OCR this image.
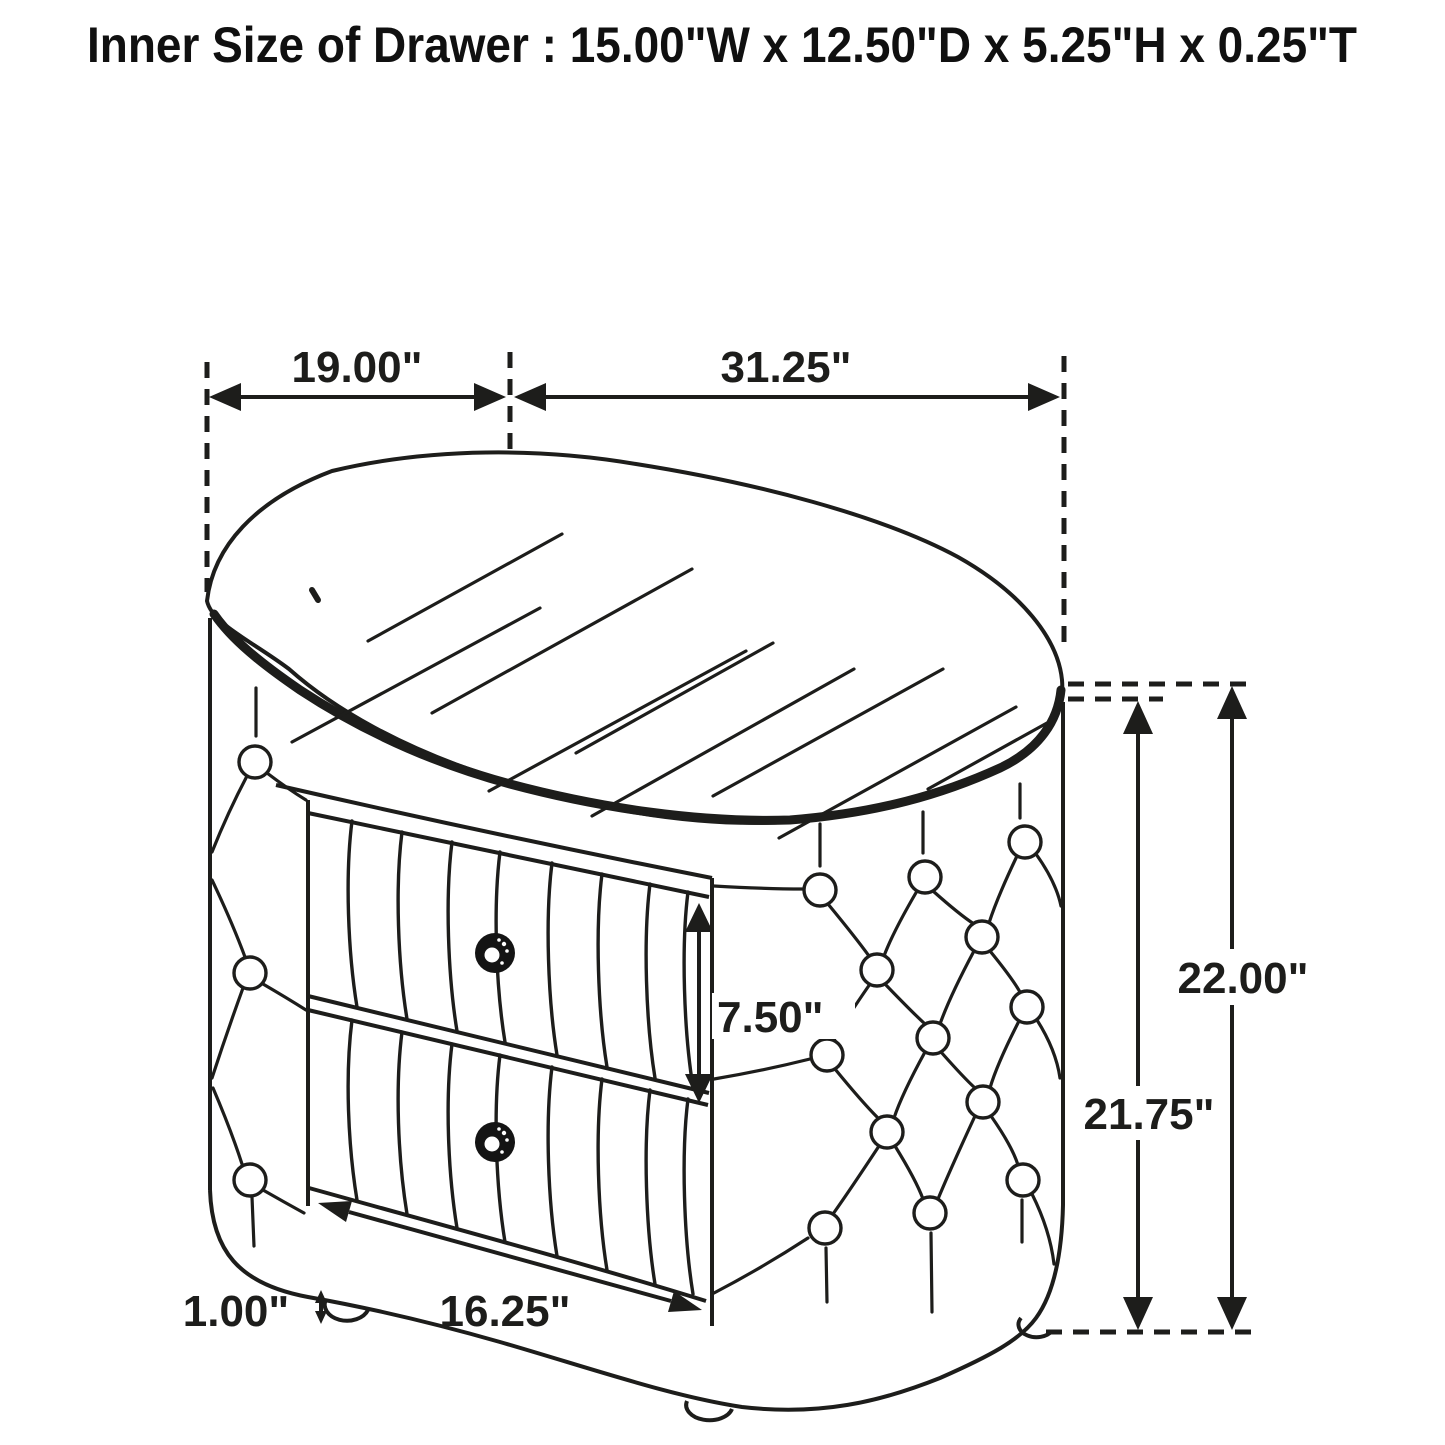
19.00"	31.25"
22.00"
21.75"
7.50"
16.25"
1.00"
Inner Size of Drawer : 15.00"W x 12.50"D x 5.25"H x 0.25"T
